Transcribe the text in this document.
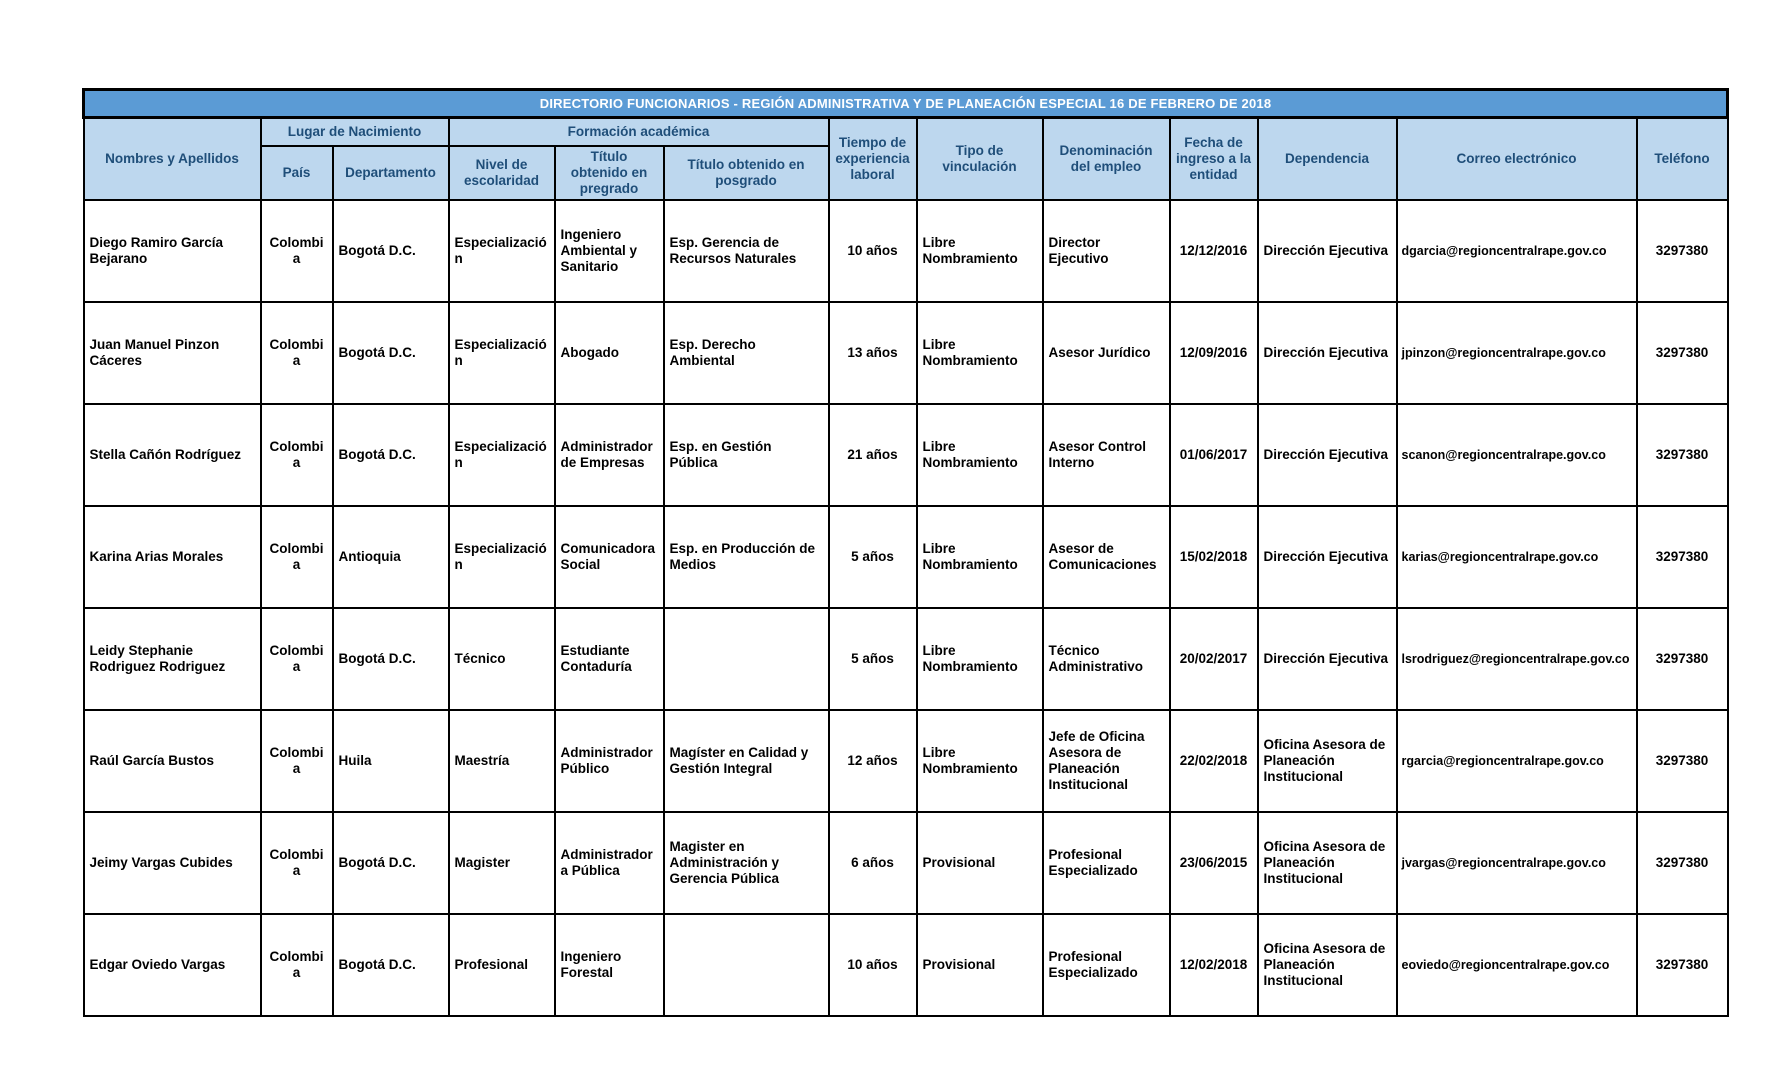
DIRECTORIO FUNCIONARIOS - REGIÓN ADMINISTRATIVA Y DE PLANEACIÓN ESPECIAL 16 DE FEBRERO DE 2018												
Nombres y Apellidos	Lugar de Nacimiento		Formación académica			Tiempo de experiencia laboral	Tipo de vinculación	Denominación del empleo	Fecha de ingreso a la entidad	Dependencia	Correo electrónico	Teléfono
	País	Departamento	Nivel de escolaridad	Título obtenido en pregrado	Título obtenido en posgrado							
Diego Ramiro García Bejarano	Colombia	Bogotá D.C.	Especialización	Ingeniero Ambiental y Sanitario	Esp. Gerencia de Recursos Naturales	10 años	Libre Nombramiento	Director Ejecutivo	12/12/2016	Dirección Ejecutiva	dgarcia@regioncentralrape.gov.co	3297380
Juan Manuel Pinzon Cáceres	Colombia	Bogotá D.C.	Especialización	Abogado	Esp. Derecho Ambiental	13 años	Libre Nombramiento	Asesor Jurídico	12/09/2016	Dirección Ejecutiva	jpinzon@regioncentralrape.gov.co	3297380
Stella Cañón Rodríguez	Colombia	Bogotá D.C.	Especialización	Administrador de Empresas	Esp. en Gestión Pública	21 años	Libre Nombramiento	Asesor Control Interno	01/06/2017	Dirección Ejecutiva	scanon@regioncentralrape.gov.co	3297380
Karina Arias Morales	Colombia	Antioquia	Especialización	Comunicadora Social	Esp. en Producción de Medios	5 años	Libre Nombramiento	Asesor de Comunicaciones	15/02/2018	Dirección Ejecutiva	karias@regioncentralrape.gov.co	3297380
Leidy Stephanie Rodriguez Rodriguez	Colombia	Bogotá D.C.	Técnico	Estudiante Contaduría		5 años	Libre Nombramiento	Técnico Administrativo	20/02/2017	Dirección Ejecutiva	lsrodriguez@regioncentralrape.gov.co	3297380
Raúl García Bustos	Colombia	Huila	Maestría	Administrador Público	Magíster en Calidad y Gestión Integral	12 años	Libre Nombramiento	Jefe de Oficina Asesora de Planeación Institucional	22/02/2018	Oficina Asesora de Planeación Institucional	rgarcia@regioncentralrape.gov.co	3297380
Jeimy Vargas Cubides	Colombia	Bogotá D.C.	Magister	Administradora Pública	Magister en Administración y Gerencia Pública	6 años	Provisional	Profesional Especializado	23/06/2015	Oficina Asesora de Planeación Institucional	jvargas@regioncentralrape.gov.co	3297380
Edgar Oviedo Vargas	Colombia	Bogotá D.C.	Profesional	Ingeniero Forestal		10 años	Provisional	Profesional Especializado	12/02/2018	Oficina Asesora de Planeación Institucional	eoviedo@regioncentralrape.gov.co	3297380
